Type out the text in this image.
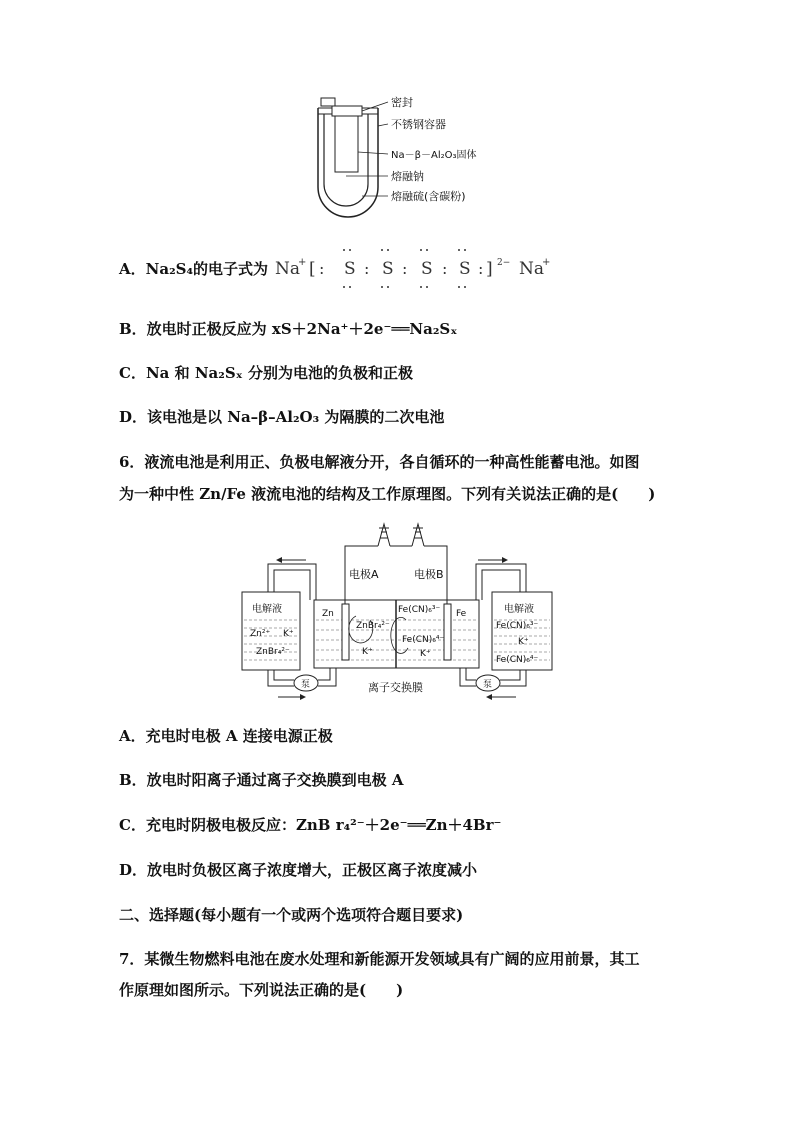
密封
不锈钢容器
Na－β－Al₂O₃固体
熔融钠
熔融硫(含碳粉)
A．Na₂S₄的电子式为 Na
+ [ : S : S : S : S : ] 2− Na
+
B．放电时正极反应为 xS＋2Na⁺＋2e⁻══Na₂Sₓ
C．Na 和 Na₂Sₓ 分别为电池的负极和正极
D．该电池是以 Na–β–Al₂O₃ 为隔膜的二次电池
6．液流电池是利用正、负极电解液分开，各自循环的一种高性能蓄电池。如图
为一种中性 Zn/Fe 液流电池的结构及工作原理图。下列有关说法正确的是(　　)
电极A	电极B
电解液	电解液
Zn²⁺ K⁺
ZnBr₄²⁻
Zn
ZnBr₄²⁻
K⁺
Fe(CN)₆³⁻
Fe(CN)₆⁴⁻
K⁺
Fe
Fe(CN)₆³⁻
K⁺
Fe(CN)₆⁴⁻
泵	泵
离子交换膜
A．充电时电极 A 连接电源正极
B．放电时阳离子通过离子交换膜到电极 A
C．充电时阴极电极反应：ZnB r₄²⁻＋2e⁻══Zn＋4Br⁻
D．放电时负极区离子浓度增大，正极区离子浓度减小
二、选择题(每小题有一个或两个选项符合题目要求)
7．某微生物燃料电池在废水处理和新能源开发领域具有广阔的应用前景，其工
作原理如图所示。下列说法正确的是(　　)
